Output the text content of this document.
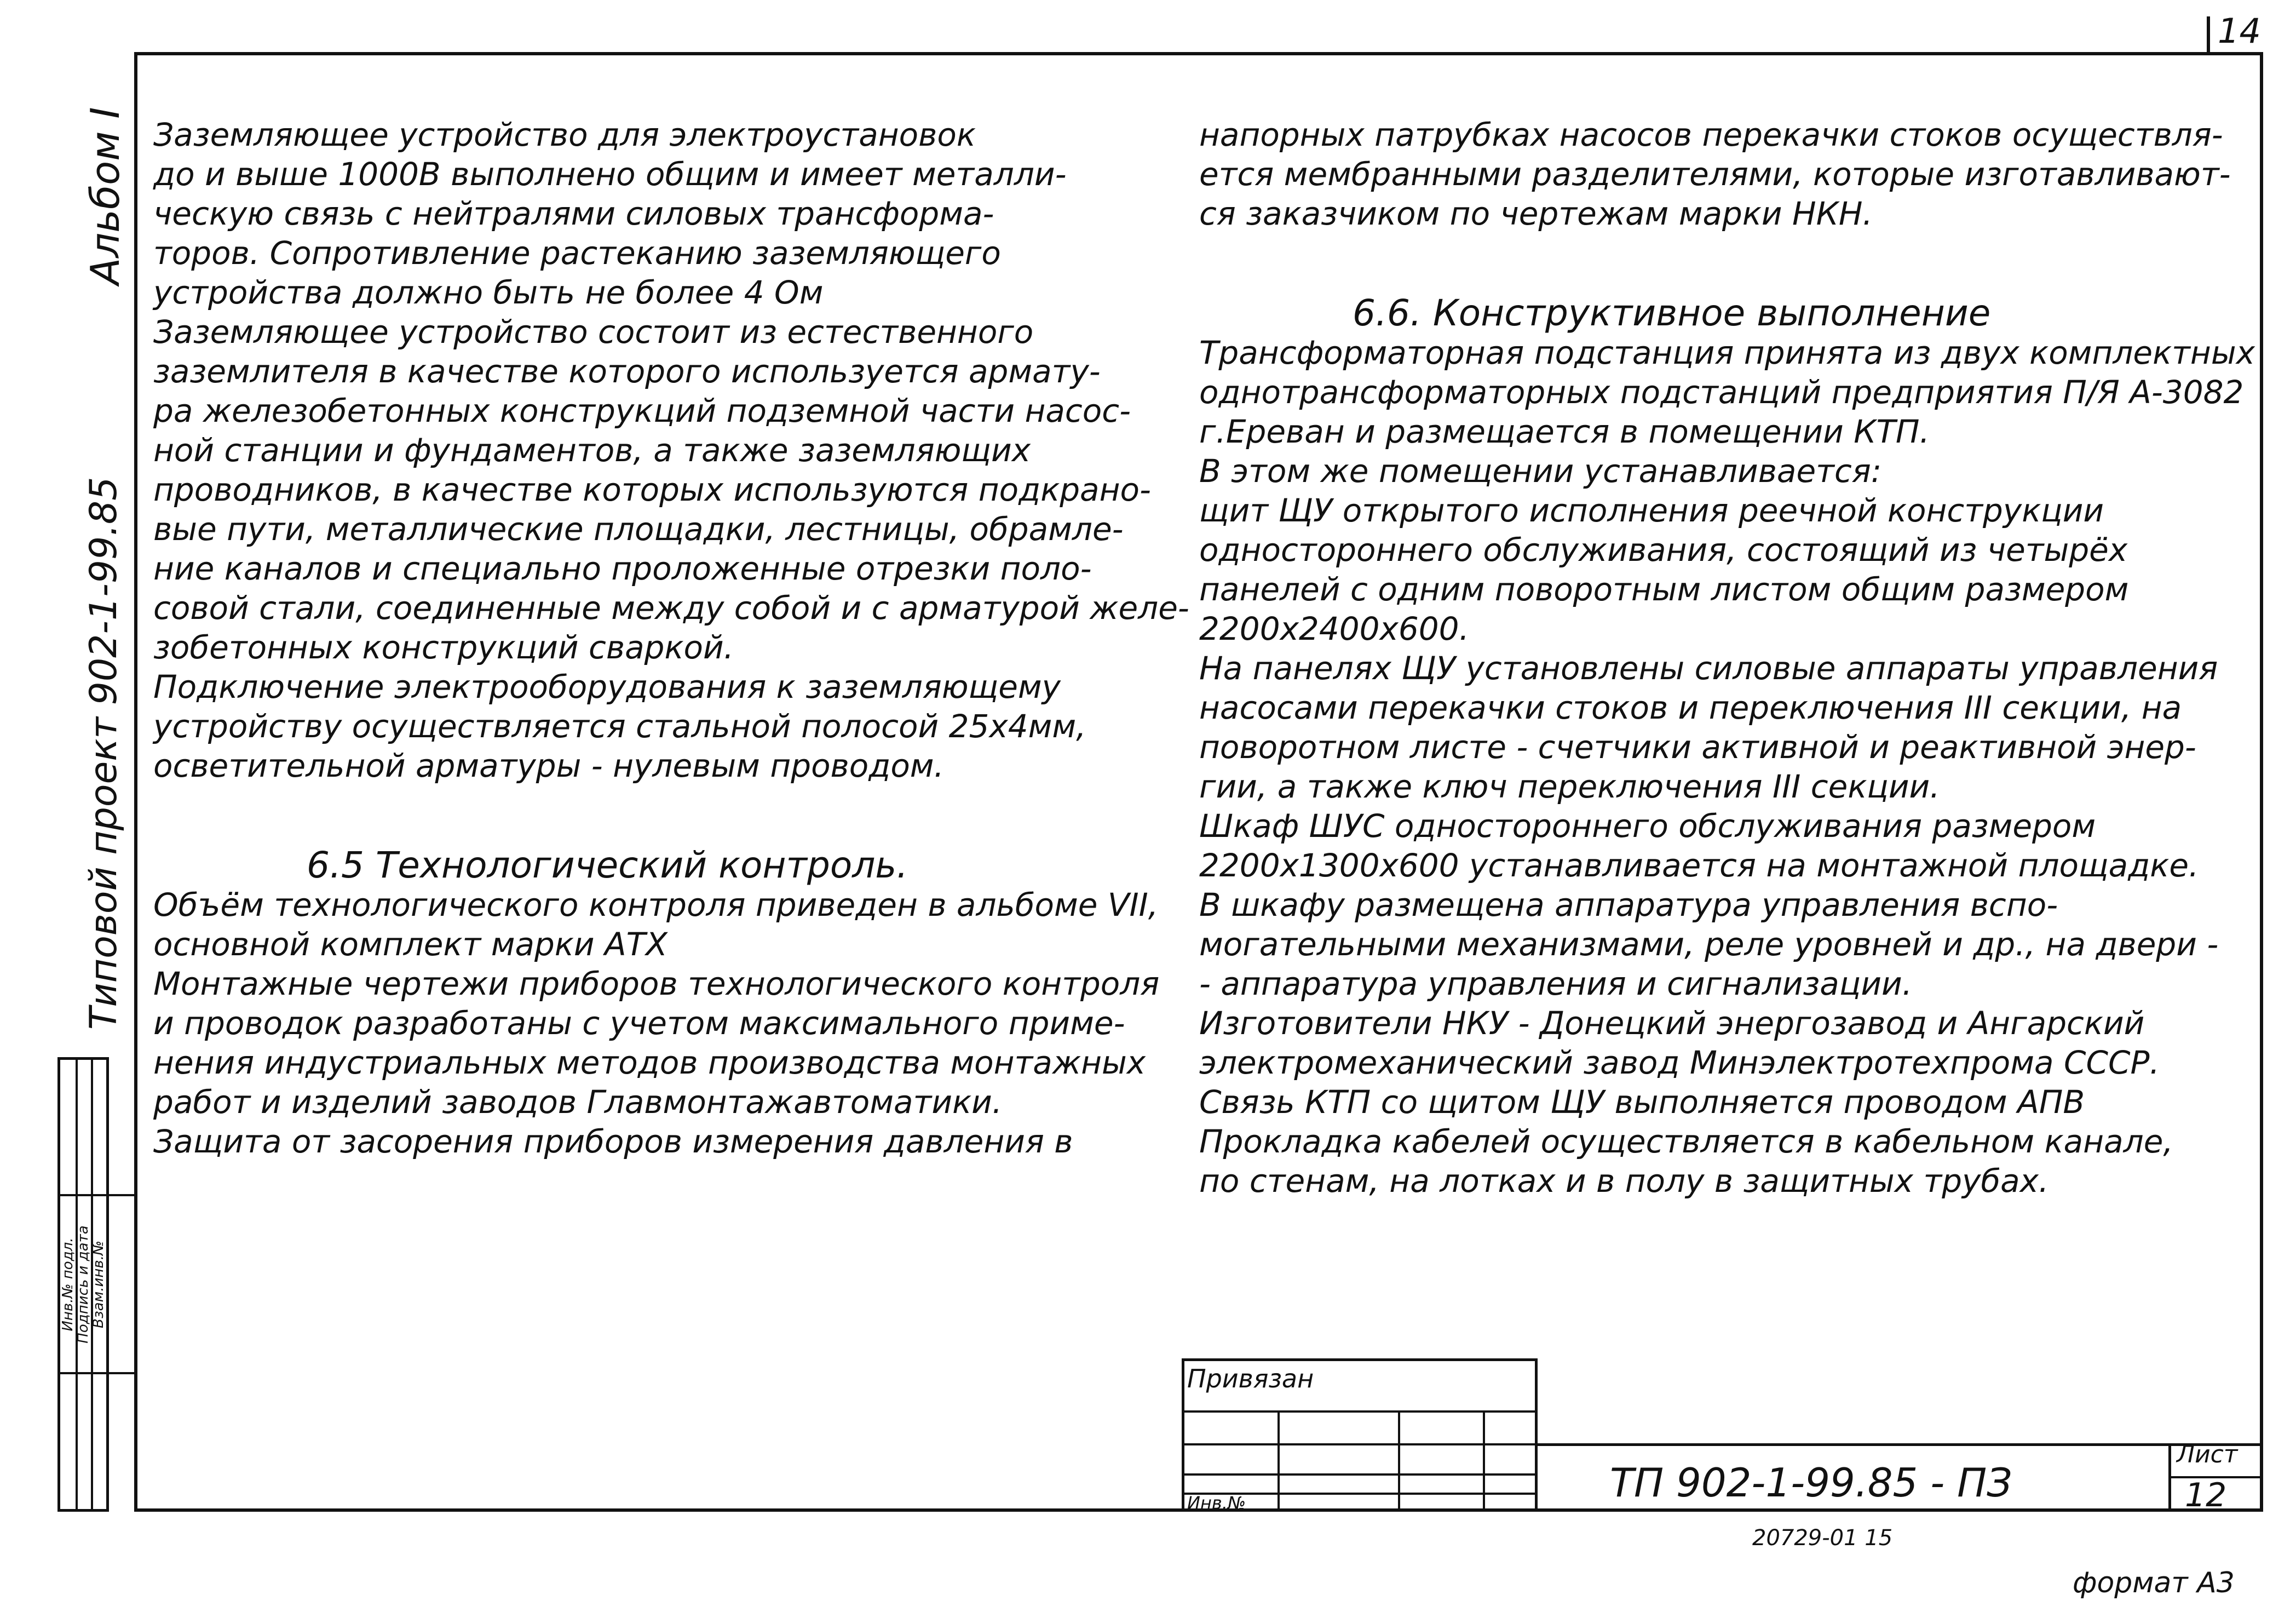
14
Альбом I
Типовой проект 902-1-99.85
Инв.№ подл.
Подпись и дата
Взам.инв.№

Заземляющее устройство для электроустановок

до и выше 1000В выполнено общим и имеет металли-

ческую связь с нейтралями силовых трансформа-

торов. Сопротивление растеканию заземляющего

устройства должно быть не более 4 Ом

Заземляющее устройство состоит из естественного

заземлителя в качестве которого используется армату-

ра железобетонных конструкций подземной части насос-

ной станции и фундаментов, а также заземляющих

проводников, в качестве которых используются подкрано-

вые пути, металлические площадки, лестницы, обрамле-

ние каналов и специально проложенные отрезки поло-

совой стали, соединенные между собой и с арматурой желе-

зобетонных конструкций сваркой.

Подключение электрооборудования к заземляющему

устройству осуществляется стальной полосой 25х4мм,

осветительной арматуры - нулевым проводом.

6.5 Технологический контроль.

Объём технологического контроля приведен в альбоме VII,

основной комплект марки АТХ

Монтажные чертежи приборов технологического контроля

и проводок разработаны с учетом максимального приме-

нения индустриальных методов производства монтажных

работ и изделий заводов Главмонтажавтоматики.

Защита от засорения приборов измерения давления в

напорных патрубках насосов перекачки стоков осуществля-

ется мембранными разделителями, которые изготавливают-

ся заказчиком по чертежам марки НКН.

6.6. Конструктивное выполнение

Трансформаторная подстанция принята из двух комплектных

однотрансформаторных подстанций предприятия П/Я А-3082

г.Ереван и размещается в помещении КТП.

В этом же помещении устанавливается:

щит ЩУ открытого исполнения реечной конструкции

одностороннего обслуживания, состоящий из четырёх

панелей с одним поворотным листом общим размером

2200х2400х600.

На панелях ЩУ установлены силовые аппараты управления

насосами перекачки стоков и переключения III секции, на

поворотном листе - счетчики активной и реактивной энер-

гии, а также ключ переключения III секции.

Шкаф ШУС одностороннего обслуживания размером

2200х1300х600 устанавливается на монтажной площадке.

В шкафу размещена аппаратура управления вспо-

могательными механизмами, реле уровней и др., на двери -

- аппаратура управления и сигнализации.

Изготовители НКУ - Донецкий энергозавод и Ангарский

электромеханический завод Минэлектротехпрома СССР.

Связь КТП со щитом ЩУ выполняется проводом АПВ

Прокладка кабелей осуществляется в кабельном канале,

по стенам, на лотках и в полу в защитных трубах.

Привязан
Инв.№	ТП 902-1-99.85 - ПЗ
Лист
12
20729-01 15
формат А3
